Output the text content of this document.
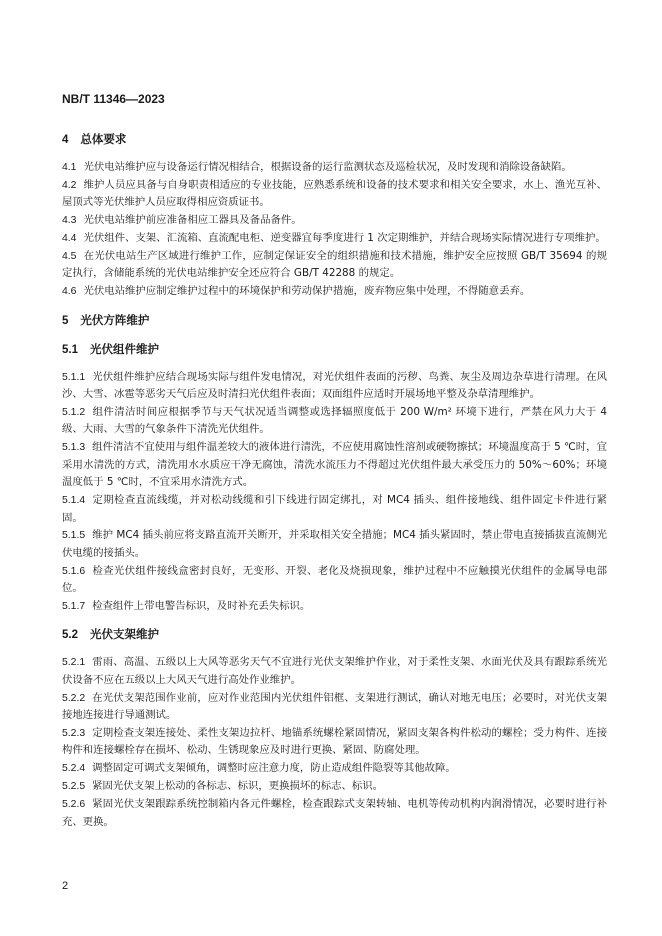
NB/T 11346—2023
4 总体要求
4.1 光伏电站维护应与设备运行情况相结合，根据设备的运行监测状态及巡检状况，及时发现和消除设备缺陷。
4.2 维护人员应具备与自身职责相适应的专业技能，应熟悉系统和设备的技术要求和相关安全要求，水上、渔光互补、屋顶式等光伏维护人员应取得相应资质证书。
4.3 光伏电站维护前应准备相应工器具及备品备件。
4.4 光伏组件、支架、汇流箱、直流配电柜、逆变器宜每季度进行 1 次定期维护，并结合现场实际情况进行专项维护。
4.5 在光伏电站生产区域进行维护工作，应制定保证安全的组织措施和技术措施，维护安全应按照 GB/T 35694 的规定执行，含储能系统的光伏电站维护安全还应符合 GB/T 42288 的规定。
4.6 光伏电站维护应制定维护过程中的环境保护和劳动保护措施，废弃物应集中处理，不得随意丢弃。
5 光伏方阵维护
5.1 光伏组件维护
5.1.1 光伏组件维护应结合现场实际与组件发电情况，对光伏组件表面的污秽、鸟粪、灰尘及周边杂草进行清理。在风沙、大雪、冰雹等恶劣天气后应及时清扫光伏组件表面；双面组件应适时开展场地平整及杂草清理维护。
5.1.2 组件清洁时间应根据季节与天气状况适当调整或选择辐照度低于 200 W/m² 环境下进行，严禁在风力大于 4 级、大雨、大雪的气象条件下清洗光伏组件。
5.1.3 组件清洁不宜使用与组件温差较大的液体进行清洗，不应使用腐蚀性溶剂或硬物擦拭；环境温度高于 5 ℃时，宜采用水清洗的方式，清洗用水水质应干净无腐蚀，清洗水流压力不得超过光伏组件最大承受压力的 50%～60%；环境温度低于 5 ℃时，不宜采用水清洗方式。
5.1.4 定期检查直流线缆，并对松动线缆和引下线进行固定绑扎，对 MC4 插头、组件接地线、组件固定卡件进行紧固。
5.1.5 维护 MC4 插头前应将支路直流开关断开，并采取相关安全措施；MC4 插头紧固时，禁止带电直接插拔直流侧光伏电缆的接插头。
5.1.6 检查光伏组件接线盒密封良好，无变形、开裂、老化及烧损现象，维护过程中不应触摸光伏组件的金属导电部位。
5.1.7 检查组件上带电警告标识，及时补充丢失标识。
5.2 光伏支架维护
5.2.1 雷雨、高温、五级以上大风等恶劣天气不宜进行光伏支架维护作业，对于柔性支架、水面光伏及具有跟踪系统光伏设备不应在五级以上大风天气进行高处作业维护。
5.2.2 在光伏支架范围作业前，应对作业范围内光伏组件铝框、支架进行测试，确认对地无电压；必要时，对光伏支架接地连接进行导通测试。
5.2.3 定期检查支架连接处、柔性支架边拉杆、地锚系统螺栓紧固情况，紧固支架各构件松动的螺栓；受力构件、连接构件和连接螺栓存在损坏、松动、生锈现象应及时进行更换、紧固、防腐处理。
5.2.4 调整固定可调式支架倾角，调整时应注意力度，防止造成组件隐裂等其他故障。
5.2.5 紧固光伏支架上松动的各标志、标识，更换损坏的标志、标识。
5.2.6 紧固光伏支架跟踪系统控制箱内各元件螺栓，检查跟踪式支架转轴、电机等传动机构内润滑情况，必要时进行补充、更换。
2
